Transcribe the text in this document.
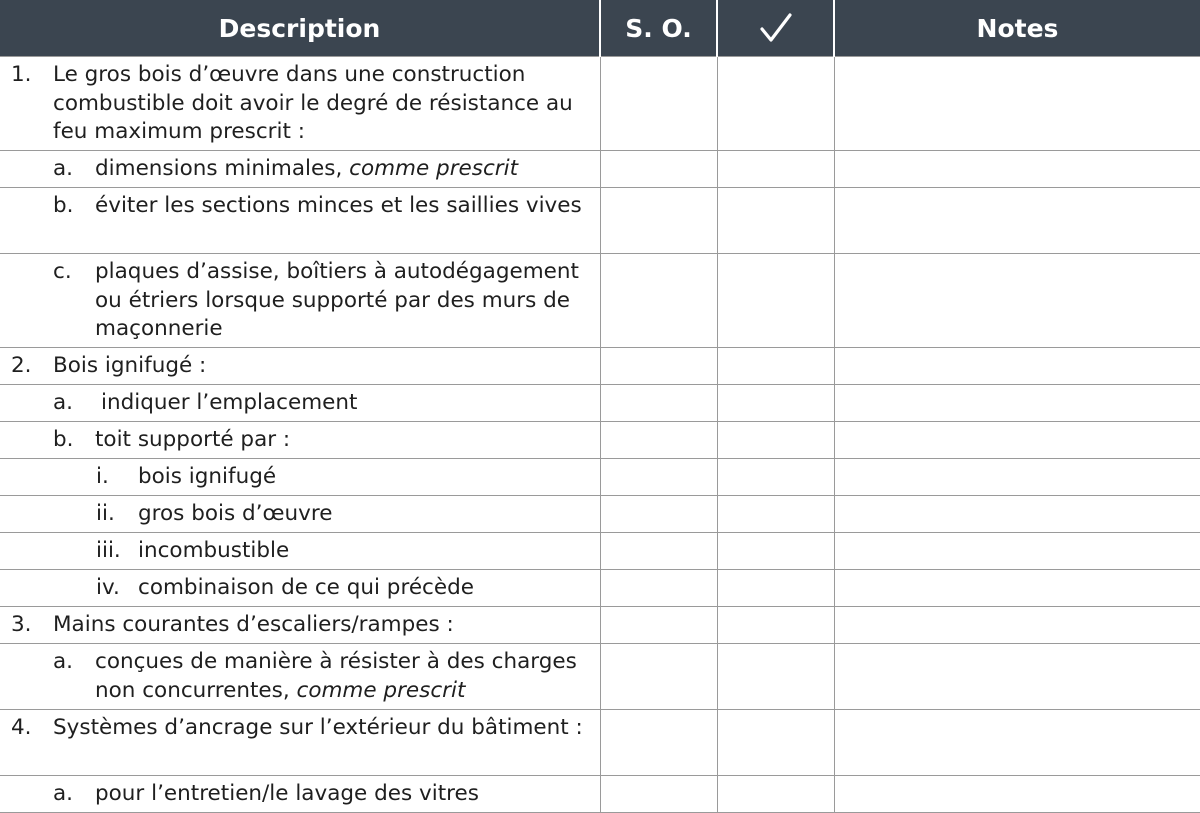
Description	S. O.		Notes

1. Le gros bois d’œuvre dans une construction combustible doit avoir le degré de résistance au feu maximum prescrit :			

a. dimensions minimales, comme prescrit			

b. éviter les sections minces et les saillies vives			

c. plaques d’assise, boîtiers à autodégagement ou étriers lorsque supporté par des murs de maçonnerie			

2. Bois ignifugé :			

a. indiquer l’emplacement			

b. toit supporté par :			

i. bois ignifugé			

ii. gros bois d’œuvre			

iii. incombustible			

iv. combinaison de ce qui précède			

3. Mains courantes d’escaliers/rampes :			

a. conçues de manière à résister à des charges non concurrentes, comme prescrit			

4. Systèmes d’ancrage sur l’extérieur du bâtiment :			

a. pour l’entretien/le lavage des vitres			
